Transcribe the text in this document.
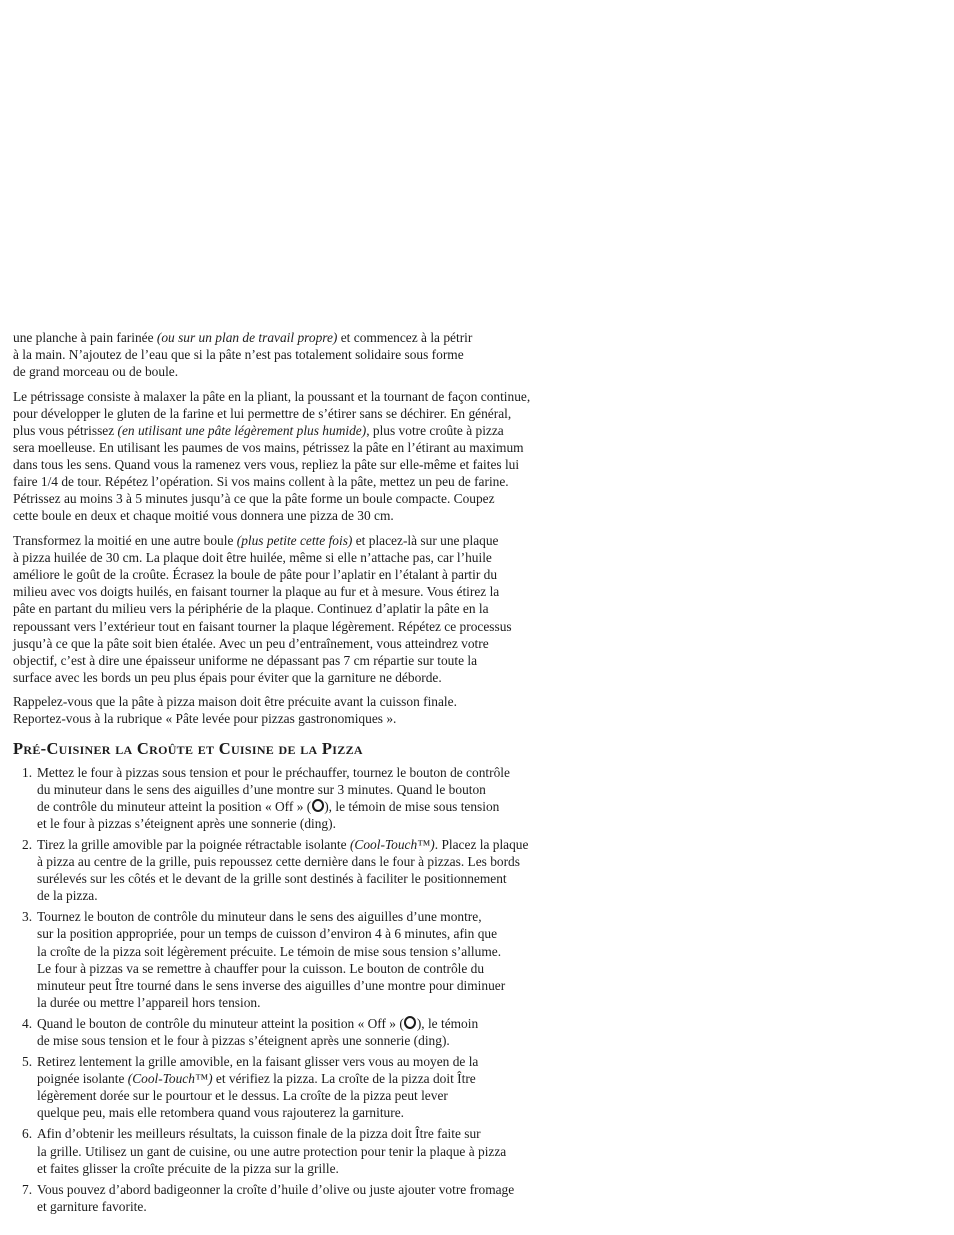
une planche à pain farinée (ou sur un plan de travail propre) et commencez à la pétrir
à la main. N’ajoutez de l’eau que si la pâte n’est pas totalement solidaire sous forme
de grand morceau ou de boule.

Le pétrissage consiste à malaxer la pâte en la pliant, la poussant et la tournant de façon continue,
pour développer le gluten de la farine et lui permettre de s’étirer sans se déchirer. En général,
plus vous pétrissez (en utilisant une pâte légèrement plus humide), plus votre croûte à pizza
sera moelleuse. En utilisant les paumes de vos mains, pétrissez la pâte en l’étirant au maximum
dans tous les sens. Quand vous la ramenez vers vous, repliez la pâte sur elle-même et faites lui
faire 1/4 de tour. Répétez l’opération. Si vos mains collent à la pâte, mettez un peu de farine.
Pétrissez au moins 3 à 5 minutes jusqu’à ce que la pâte forme un boule compacte. Coupez
cette boule en deux et chaque moitié vous donnera une pizza de 30 cm.

Transformez la moitié en une autre boule (plus petite cette fois) et placez-là sur une plaque
à pizza huilée de 30 cm. La plaque doit être huilée, même si elle n’attache pas, car l’huile
améliore le goût de la croûte. Écrasez la boule de pâte pour l’aplatir en l’étalant à partir du
milieu avec vos doigts huilés, en faisant tourner la plaque au fur et à mesure. Vous étirez la
pâte en partant du milieu vers la périphérie de la plaque. Continuez d’aplatir la pâte en la
repoussant vers l’extérieur tout en faisant tourner la plaque légèrement. Répétez ce processus
jusqu’à ce que la pâte soit bien étalée. Avec un peu d’entraînement, vous atteindrez votre
objectif, c’est à dire une épaisseur uniforme ne dépassant pas 7 cm répartie sur toute la
surface avec les bords un peu plus épais pour éviter que la garniture ne déborde.

Rappelez-vous que la pâte à pizza maison doit être précuite avant la cuisson finale.
Reportez-vous à la rubrique « Pâte levée pour pizzas gastronomiques ».

Pré-Cuisiner la Croûte et Cuisine de la Pizza
1. Mettez le four à pizzas sous tension et pour le préchauffer, tournez le bouton de contrôle
du minuteur dans le sens des aiguilles d’une montre sur 3 minutes. Quand le bouton
de contrôle du minuteur atteint la position « Off » ( ), le témoin de mise sous tension
et le four à pizzas s’éteignent après une sonnerie (ding).
2. Tirez la grille amovible par la poignée rétractable isolante (Cool-Touch™). Placez la plaque
à pizza au centre de la grille, puis repoussez cette dernière dans le four à pizzas. Les bords
surélevés sur les côtés et le devant de la grille sont destinés à faciliter le positionnement
de la pizza.
3. Tournez le bouton de contrôle du minuteur dans le sens des aiguilles d’une montre,
sur la position appropriée, pour un temps de cuisson d’environ 4 à 6 minutes, afin que
la croîte de la pizza soit légèrement précuite. Le témoin de mise sous tension s’allume.
Le four à pizzas va se remettre à chauffer pour la cuisson. Le bouton de contrôle du
minuteur peut Ître tourné dans le sens inverse des aiguilles d’une montre pour diminuer
la durée ou mettre l’appareil hors tension.
4. Quand le bouton de contrôle du minuteur atteint la position « Off » ( ), le témoin
de mise sous tension et le four à pizzas s’éteignent après une sonnerie (ding).
5. Retirez lentement la grille amovible, en la faisant glisser vers vous au moyen de la
poignée isolante (Cool-Touch™) et vérifiez la pizza. La croîte de la pizza doit Ître
légèrement dorée sur le pourtour et le dessus. La croîte de la pizza peut lever
quelque peu, mais elle retombera quand vous rajouterez la garniture.
6. Afin d’obtenir les meilleurs résultats, la cuisson finale de la pizza doit Ître faite sur
la grille. Utilisez un gant de cuisine, ou une autre protection pour tenir la plaque à pizza
et faites glisser la croîte précuite de la pizza sur la grille.
7. Vous pouvez d’abord badigeonner la croîte d’huile d’olive ou juste ajouter votre fromage
et garniture favorite.
